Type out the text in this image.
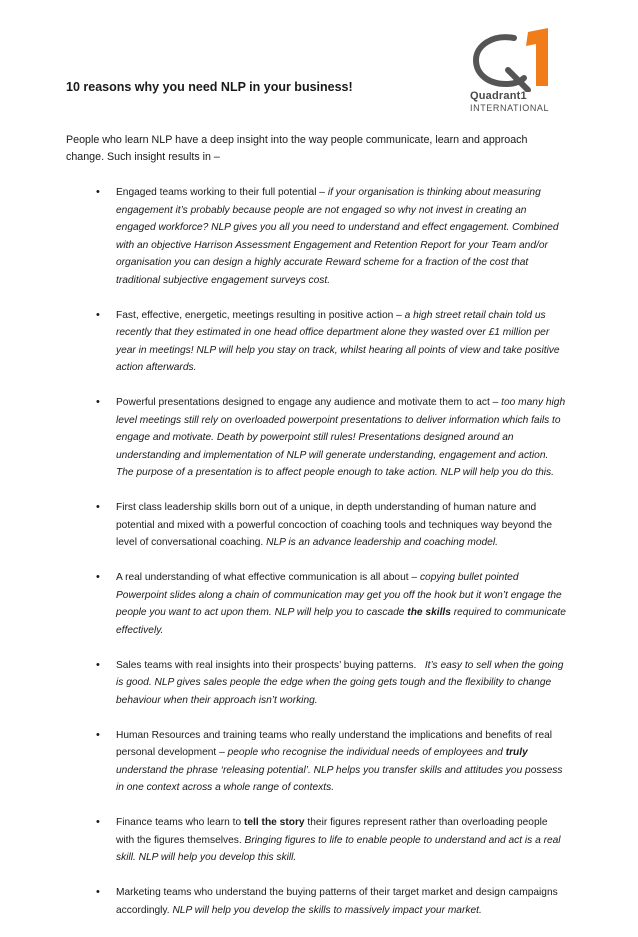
Quadrant1
INTERNATIONAL
10 reasons why you need NLP in your business!

People who learn NLP have a deep insight into the way people communicate, learn and approach change. Such insight results in –

• Engaged teams working to their full potential – if your organisation is thinking about measuring engagement it’s probably because people are not engaged so why not invest in creating an engaged workforce? NLP gives you all you need to understand and effect engagement. Combined with an objective Harrison Assessment Engagement and Retention Report for your Team and/or organisation you can design a highly accurate Reward scheme for a fraction of the cost that traditional subjective engagement surveys cost.
• Fast, effective, energetic, meetings resulting in positive action – a high street retail chain told us recently that they estimated in one head office department alone they wasted over £1 million per year in meetings! NLP will help you stay on track, whilst hearing all points of view and take positive action afterwards.
• Powerful presentations designed to engage any audience and motivate them to act – too many high level meetings still rely on overloaded powerpoint presentations to deliver information which fails to engage and motivate. Death by powerpoint still rules! Presentations designed around an understanding and implementation of NLP will generate understanding, engagement and action. The purpose of a presentation is to affect people enough to take action. NLP will help you do this.
• First class leadership skills born out of a unique, in depth understanding of human nature and potential and mixed with a powerful concoction of coaching tools and techniques way beyond the level of conversational coaching. NLP is an advance leadership and coaching model.
• A real understanding of what effective communication is all about – copying bullet pointed Powerpoint slides along a chain of communication may get you off the hook but it won’t engage the people you want to act upon them. NLP will help you to cascade the skills required to communicate effectively.
• Sales teams with real insights into their prospects’ buying patterns. It’s easy to sell when the going is good. NLP gives sales people the edge when the going gets tough and the flexibility to change behaviour when their approach isn’t working.
• Human Resources and training teams who really understand the implications and benefits of real personal development – people who recognise the individual needs of employees and truly understand the phrase ‘releasing potential’. NLP helps you transfer skills and attitudes you possess in one context across a whole range of contexts.
• Finance teams who learn to tell the story their figures represent rather than overloading people with the figures themselves. Bringing figures to life to enable people to understand and act is a real skill. NLP will help you develop this skill.
• Marketing teams who understand the buying patterns of their target market and design campaigns accordingly. NLP will help you develop the skills to massively impact your market.
